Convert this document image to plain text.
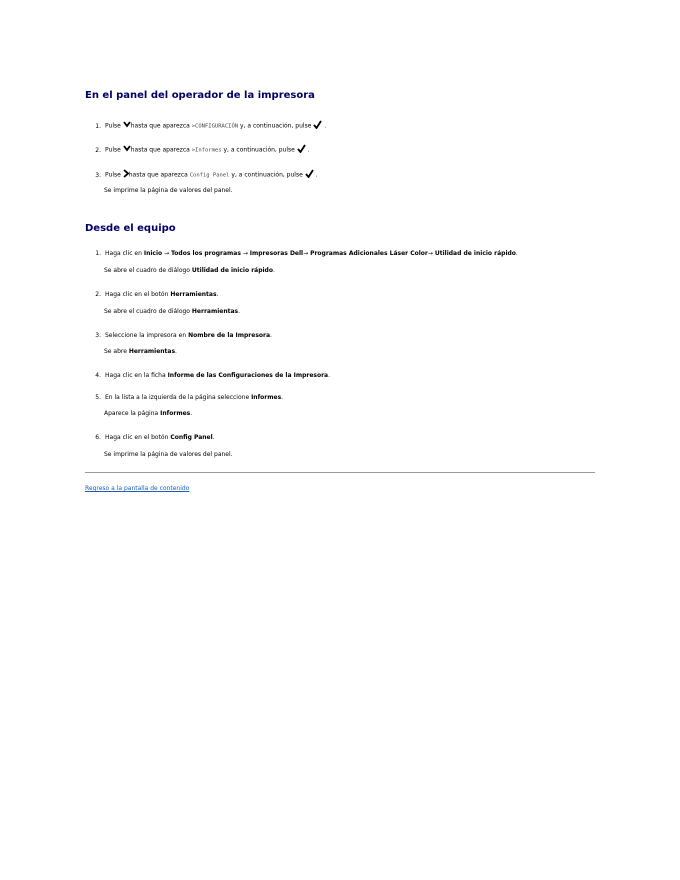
En el panel del operador de la impresora
1. Pulse hasta que aparezca >CONFIGURACIÓN y, a continuación, pulse .
2. Pulse hasta que aparezca >Informes y, a continuación, pulse .
3. Pulse hasta que aparezca Config Panel y, a continuación, pulse .
Se imprime la página de valores del panel.
Desde el equipo
1. Haga clic en Inicio → Todos los programas → Impresoras Dell→ Programas Adicionales Láser Color→ Utilidad de inicio rápido.
2. Haga clic en el botón Herramientas.
3. Seleccione la impresora en Nombre de la Impresora.
4. Haga clic en la ficha Informe de las Configuraciones de la Impresora.
5. En la lista a la izquierda de la página seleccione Informes.
6. Haga clic en el botón Config Panel.
Se abre el cuadro de diálogo Utilidad de inicio rápido.
Se abre el cuadro de diálogo Herramientas.
Se abre Herramientas.
Aparece la página Informes.
Se imprime la página de valores del panel.
Regreso a la pantalla de contenido
